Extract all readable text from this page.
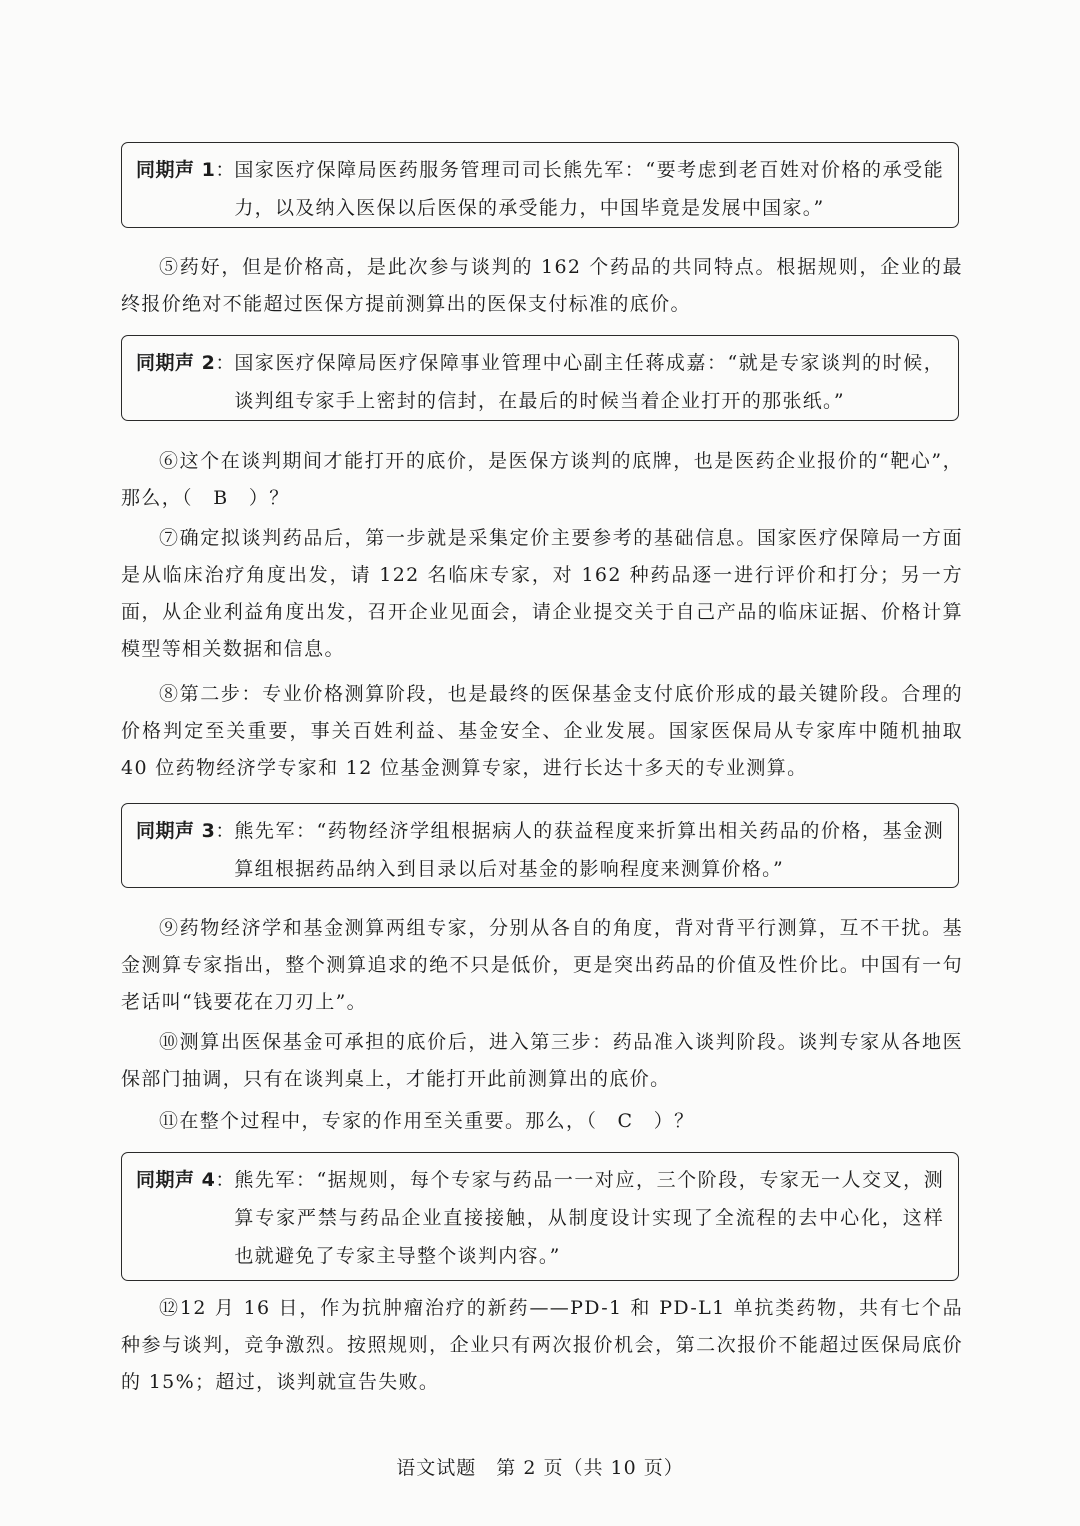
同期声 1： 国家医疗保障局医药服务管理司司长熊先军：“要考虑到老百姓对价格的承受能力，以及纳入医保以后医保的承受能力，中国毕竟是发展中国家。”

⑤药好，但是价格高，是此次参与谈判的 162 个药品的共同特点。根据规则，企业的最终报价绝对不能超过医保方提前测算出的医保支付标准的底价。

同期声 2： 国家医疗保障局医疗保障事业管理中心副主任蒋成嘉：“就是专家谈判的时候，谈判组专家手上密封的信封，在最后的时候当着企业打开的那张纸。”

⑥这个在谈判期间才能打开的底价，是医保方谈判的底牌，也是医药企业报价的“靶心”，那么，（　B　）？

⑦确定拟谈判药品后，第一步就是采集定价主要参考的基础信息。国家医疗保障局一方面是从临床治疗角度出发，请 122 名临床专家，对 162 种药品逐一进行评价和打分；另一方面，从企业利益角度出发，召开企业见面会，请企业提交关于自己产品的临床证据、价格计算模型等相关数据和信息。

⑧第二步：专业价格测算阶段，也是最终的医保基金支付底价形成的最关键阶段。合理的价格判定至关重要，事关百姓利益、基金安全、企业发展。国家医保局从专家库中随机抽取 40 位药物经济学专家和 12 位基金测算专家，进行长达十多天的专业测算。

同期声 3： 熊先军：“药物经济学组根据病人的获益程度来折算出相关药品的价格，基金测算组根据药品纳入到目录以后对基金的影响程度来测算价格。”

⑨药物经济学和基金测算两组专家，分别从各自的角度，背对背平行测算，互不干扰。基金测算专家指出，整个测算追求的绝不只是低价，更是突出药品的价值及性价比。中国有一句老话叫“钱要花在刀刃上”。

⑩测算出医保基金可承担的底价后，进入第三步：药品准入谈判阶段。谈判专家从各地医保部门抽调，只有在谈判桌上，才能打开此前测算出的底价。

⑪在整个过程中，专家的作用至关重要。那么，（　C　）？

同期声 4： 熊先军：“据规则，每个专家与药品一一对应，三个阶段，专家无一人交叉，测算专家严禁与药品企业直接接触，从制度设计实现了全流程的去中心化，这样也就避免了专家主导整个谈判内容。”

⑫12 月 16 日，作为抗肿瘤治疗的新药——PD-1 和 PD-L1 单抗类药物，共有七个品种参与谈判，竞争激烈。按照规则，企业只有两次报价机会，第二次报价不能超过医保局底价的 15%；超过，谈判就宣告失败。

语文试题　第 2 页（共 10 页）
